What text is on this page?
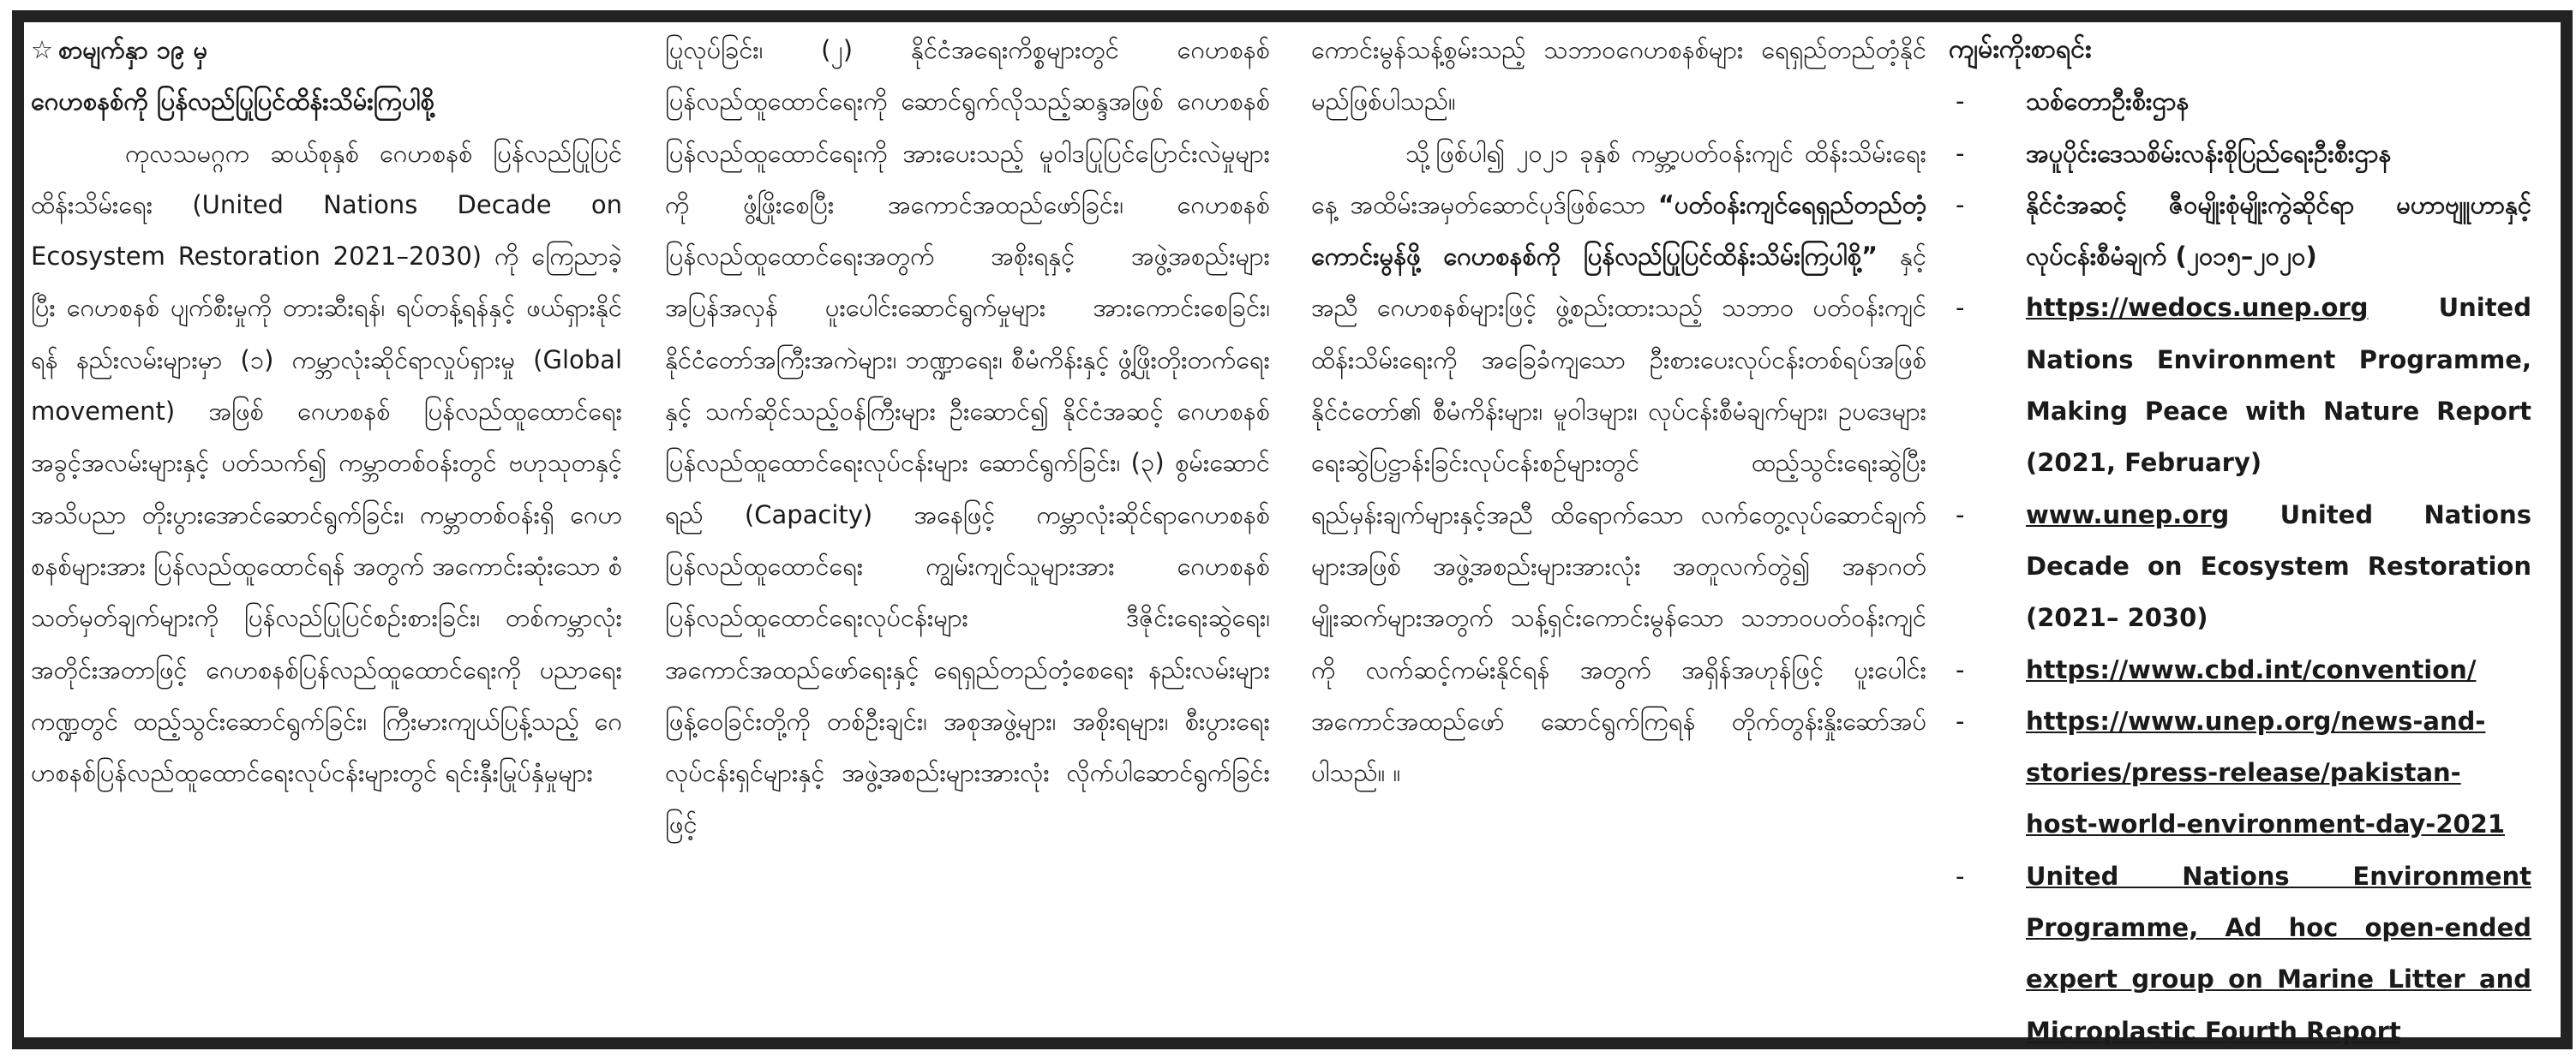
☆ စာမျက်နှာ ၁၉ မှ

ဂေဟစနစ်ကို ပြန်လည်ပြုပြင်ထိန်းသိမ်းကြပါစို့

ကုလသမဂ္ဂက ဆယ်စုနှစ် ဂေဟစနစ် ပြန်လည်ပြုပြင်ထိန်းသိမ်းရေး (United Nations Decade on Ecosystem Restoration 2021–2030) ကို ကြေညာခဲ့ပြီး ဂေဟစနစ် ပျက်စီးမှုကို တားဆီးရန်၊ ရပ်တန့်ရန်နှင့် ဖယ်ရှားနိုင်ရန် နည်းလမ်းများမှာ (၁) ကမ္ဘာလုံးဆိုင်ရာလှုပ်ရှားမှု (Global movement) အဖြစ် ဂေဟစနစ် ပြန်လည်ထူထောင်ရေးအခွင့်အလမ်းများနှင့် ပတ်သက်၍ ကမ္ဘာတစ်ဝန်းတွင် ဗဟုသုတနှင့်အသိပညာ တိုးပွားအောင်ဆောင်ရွက်ခြင်း၊ ကမ္ဘာတစ်ဝန်းရှိ ဂေဟစနစ်များအား ပြန်လည်ထူထောင်ရန် အတွက် အကောင်းဆုံးသော စံသတ်မှတ်ချက်များကို ပြန်လည်ပြုပြင်စဉ်းစားခြင်း၊ တစ်ကမ္ဘာလုံး အတိုင်းအတာဖြင့် ဂေဟစနစ်ပြန်လည်ထူထောင်ရေးကို ပညာရေးကဏ္ဍတွင် ထည့်သွင်းဆောင်ရွက်ခြင်း၊ ကြီးမားကျယ်ပြန့်သည့် ဂေဟစနစ်ပြန်လည်ထူထောင်ရေးလုပ်ငန်းများတွင် ရင်းနှီးမြုပ်နှံမှုများ

ပြုလုပ်ခြင်း၊ (၂) နိုင်ငံအရေးကိစ္စများတွင် ဂေဟစနစ် ပြန်လည်ထူထောင်ရေးကို ဆောင်ရွက်လိုသည့်ဆန္ဒအဖြစ် ဂေဟစနစ် ပြန်လည်ထူထောင်ရေးကို အားပေးသည့် မူဝါဒပြုပြင်ပြောင်းလဲမှုများကို ဖွံ့ဖြိုးစေပြီး အကောင်အထည်ဖော်ခြင်း၊ ဂေဟစနစ် ပြန်လည်ထူထောင်ရေးအတွက် အစိုးရနှင့် အဖွဲ့အစည်းများ အပြန်အလှန် ပူးပေါင်းဆောင်ရွက်မှုများ အားကောင်းစေခြင်း၊ နိုင်ငံတော်အကြီးအကဲများ၊ ဘဏ္ဍာရေး၊ စီမံကိန်းနှင့် ဖွံ့ဖြိုးတိုးတက်ရေးနှင့် သက်ဆိုင်သည့်ဝန်ကြီးများ ဦးဆောင်၍ နိုင်ငံအဆင့် ဂေဟစနစ် ပြန်လည်ထူထောင်ရေးလုပ်ငန်းများ ဆောင်ရွက်ခြင်း၊ (၃) စွမ်းဆောင်ရည် (Capacity) အနေဖြင့် ကမ္ဘာလုံးဆိုင်ရာဂေဟစနစ် ပြန်လည်ထူထောင်ရေး ကျွမ်းကျင်သူများအား ဂေဟစနစ် ပြန်လည်ထူထောင်ရေးလုပ်ငန်းများ ဒီဇိုင်းရေးဆွဲရေး၊ အကောင်အထည်ဖော်ရေးနှင့် ရေရှည်တည်တံ့စေရေး နည်းလမ်းများ ဖြန့်ဝေခြင်းတို့ကို တစ်ဦးချင်း၊ အစုအဖွဲ့များ၊ အစိုးရများ၊ စီးပွားရေးလုပ်ငန်းရှင်များနှင့် အဖွဲ့အစည်းများအားလုံး လိုက်ပါဆောင်ရွက်ခြင်းဖြင့်

ကောင်းမွန်သန့်စွမ်းသည့် သဘာဝဂေဟစနစ်များ ရေရှည်တည်တံ့နိုင်မည်ဖြစ်ပါသည်။

သို့ဖြစ်ပါ၍ ၂၀၂၁ ခုနှစ် ကမ္ဘာ့ပတ်ဝန်းကျင် ထိန်းသိမ်းရေးနေ့ အထိမ်းအမှတ်ဆောင်ပုဒ်ဖြစ်သော “ပတ်ဝန်းကျင်ရေရှည်တည်တံ့ကောင်းမွန်ဖို့ ဂေဟစနစ်ကို ပြန်လည်ပြုပြင်ထိန်းသိမ်းကြပါစို့” နှင့်အညီ ဂေဟစနစ်များဖြင့် ဖွဲ့စည်းထားသည့် သဘာဝ ပတ်ဝန်းကျင်ထိန်းသိမ်းရေးကို အခြေခံကျသော ဦးစားပေးလုပ်ငန်းတစ်ရပ်အဖြစ် နိုင်ငံတော်၏ စီမံကိန်းများ၊ မူဝါဒများ၊ လုပ်ငန်းစီမံချက်များ၊ ဥပဒေများ ရေးဆွဲပြဋ္ဌာန်းခြင်းလုပ်ငန်းစဉ်များတွင် ထည့်သွင်းရေးဆွဲပြီး ရည်မှန်းချက်များနှင့်အညီ ထိရောက်သော လက်တွေ့လုပ်ဆောင်ချက်များအဖြစ် အဖွဲ့အစည်းများအားလုံး အတူလက်တွဲ၍ အနာဂတ်မျိုးဆက်များအတွက် သန့်ရှင်းကောင်းမွန်သော သဘာဝပတ်ဝန်းကျင်ကို လက်ဆင့်ကမ်းနိုင်ရန် အတွက် အရှိန်အဟုန်ဖြင့် ပူးပေါင်းအကောင်အထည်ဖော် ဆောင်ရွက်ကြရန် တိုက်တွန်းနှိုးဆော်အပ်ပါသည်။ ။

ကျမ်းကိုးစာရင်း

- သစ်တောဦးစီးဌာန
- အပူပိုင်းဒေသစိမ်းလန်းစိုပြည်ရေးဦးစီးဌာန
- နိုင်ငံအဆင့် ဇီဝမျိုးစုံမျိုးကွဲဆိုင်ရာ မဟာဗျူဟာနှင့် လုပ်ငန်းစီမံချက် (၂၀၁၅–၂၀၂၀)
- https://wedocs.unep.org United Nations Environment Programme, Making Peace with Nature Report (2021, February)
- www.unep.org United Nations Decade on Ecosystem Restoration (2021– 2030)
- https://www.cbd.int/convention/
- https://www.unep.org/news-and-stories/press-release/pakistan-host-world-environment-day-2021
- United Nations Environment Programme, Ad hoc open-ended expert group on Marine Litter and Microplastic Fourth Report
